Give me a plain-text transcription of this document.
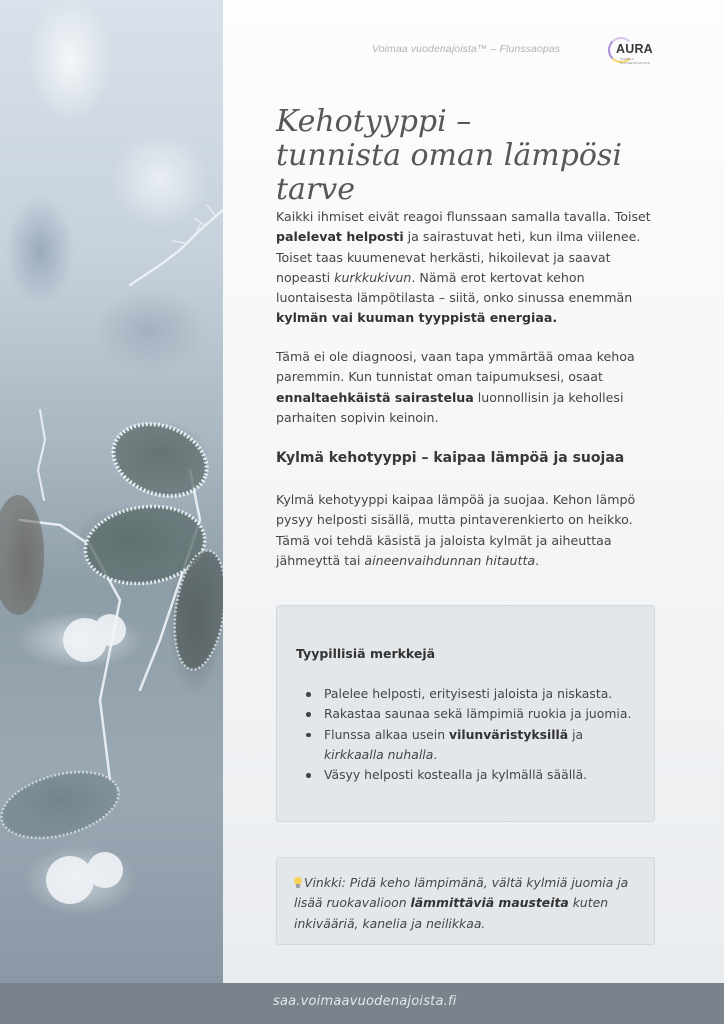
Voimaa vuodenajoista™ – Flunssaopas	AURA
VOIMAA VUODENAJOISTA
Kehotyyppi –
tunnista oman lämpösi tarve

Kaikki ihmiset eivät reagoi flunssaan samalla tavalla. Toiset palelevat helposti ja sairastuvat heti, kun ilma viilenee. Toiset taas kuumenevat herkästi, hikoilevat ja saavat nopeasti kurkkukivun. Nämä erot kertovat kehon luontaisesta lämpötilasta – siitä, onko sinussa enemmän kylmän vai kuuman tyyppistä energiaa.

Tämä ei ole diagnoosi, vaan tapa ymmärtää omaa kehoa paremmin. Kun tunnistat oman taipumuksesi, osaat ennaltaehkäistä sairastelua luonnollisin ja kehollesi parhaiten sopivin keinoin.

Kylmä kehotyyppi – kaipaa lämpöä ja suojaa

Kylmä kehotyyppi kaipaa lämpöä ja suojaa. Kehon lämpö pysyy helposti sisällä, mutta pintaverenkierto on heikko. Tämä voi tehdä käsistä ja jaloista kylmät ja aiheuttaa jähmeyttä tai aineenvaihdunnan hitautta.

Tyypillisiä merkkejä
Palelee helposti, erityisesti jaloista ja niskasta.
Rakastaa saunaa sekä lämpimiä ruokia ja juomia.
Flunssa alkaa usein vilunväristyksillä ja kirkkaalla nuhalla.
Väsyy helposti kostealla ja kylmällä säällä.

Vinkki: Pidä keho lämpimänä, vältä kylmiä juomia ja lisää ruokavalioon lämmittäviä mausteita kuten inkivääriä, kanelia ja neilikkaa.

saa.voimaavuodenajoista.fi
